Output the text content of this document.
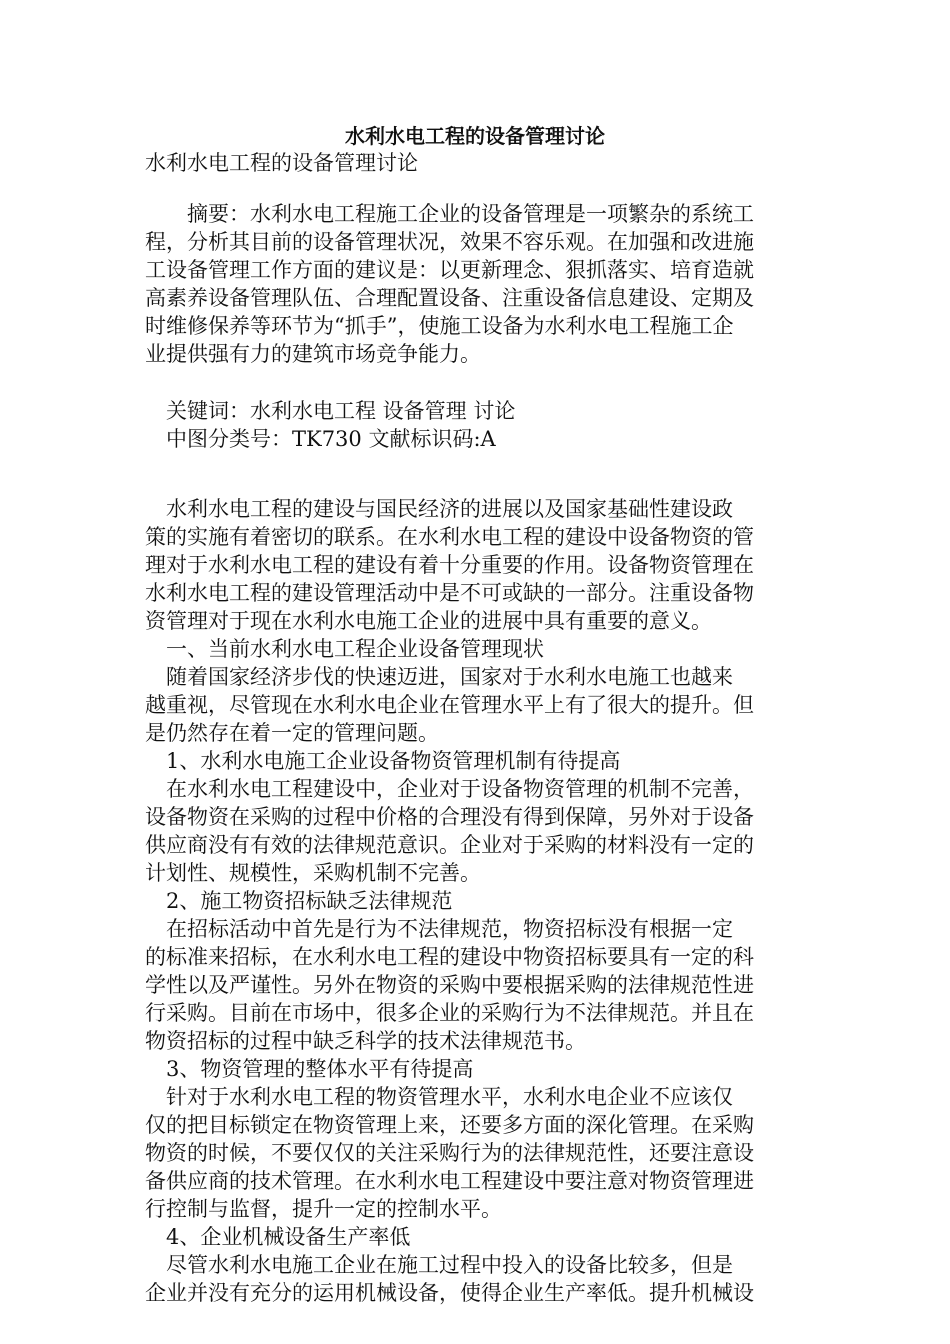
水利水电工程的设备管理讨论
水利水电工程的设备管理讨论
　　摘要：水利水电工程施工企业的设备管理是一项繁杂的系统工
程，分析其目前的设备管理状况，效果不容乐观。在加强和改进施
工设备管理工作方面的建议是：以更新理念、狠抓落实、培育造就
高素养设备管理队伍、合理配置设备、注重设备信息建设、定期及
时维修保养等环节为“抓手”，使施工设备为水利水电工程施工企
业提供强有力的建筑市场竞争能力。
　关键词：水利水电工程 设备管理 讨论
　中图分类号：TK730 文献标识码:A
　水利水电工程的建设与国民经济的进展以及国家基础性建设政
策的实施有着密切的联系。在水利水电工程的建设中设备物资的管
理对于水利水电工程的建设有着十分重要的作用。设备物资管理在
水利水电工程的建设管理活动中是不可或缺的一部分。注重设备物
资管理对于现在水利水电施工企业的进展中具有重要的意义。
　一、当前水利水电工程企业设备管理现状
　随着国家经济步伐的快速迈进，国家对于水利水电施工也越来
越重视，尽管现在水利水电企业在管理水平上有了很大的提升。但
是仍然存在着一定的管理问题。
　1、水利水电施工企业设备物资管理机制有待提高
　在水利水电工程建设中，企业对于设备物资管理的机制不完善，
设备物资在采购的过程中价格的合理没有得到保障，另外对于设备
供应商没有有效的法律规范意识。企业对于采购的材料没有一定的
计划性、规模性，采购机制不完善。
　2、施工物资招标缺乏法律规范
　在招标活动中首先是行为不法律规范，物资招标没有根据一定
的标准来招标，在水利水电工程的建设中物资招标要具有一定的科
学性以及严谨性。另外在物资的采购中要根据采购的法律规范性进
行采购。目前在市场中，很多企业的采购行为不法律规范。并且在
物资招标的过程中缺乏科学的技术法律规范书。
　3、物资管理的整体水平有待提高
　针对于水利水电工程的物资管理水平，水利水电企业不应该仅
仅的把目标锁定在物资管理上来，还要多方面的深化管理。在采购
物资的时候，不要仅仅的关注采购行为的法律规范性，还要注意设
备供应商的技术管理。在水利水电工程建设中要注意对物资管理进
行控制与监督，提升一定的控制水平。
　4、企业机械设备生产率低
　尽管水利水电施工企业在施工过程中投入的设备比较多，但是
企业并没有充分的运用机械设备，使得企业生产率低。提升机械设
